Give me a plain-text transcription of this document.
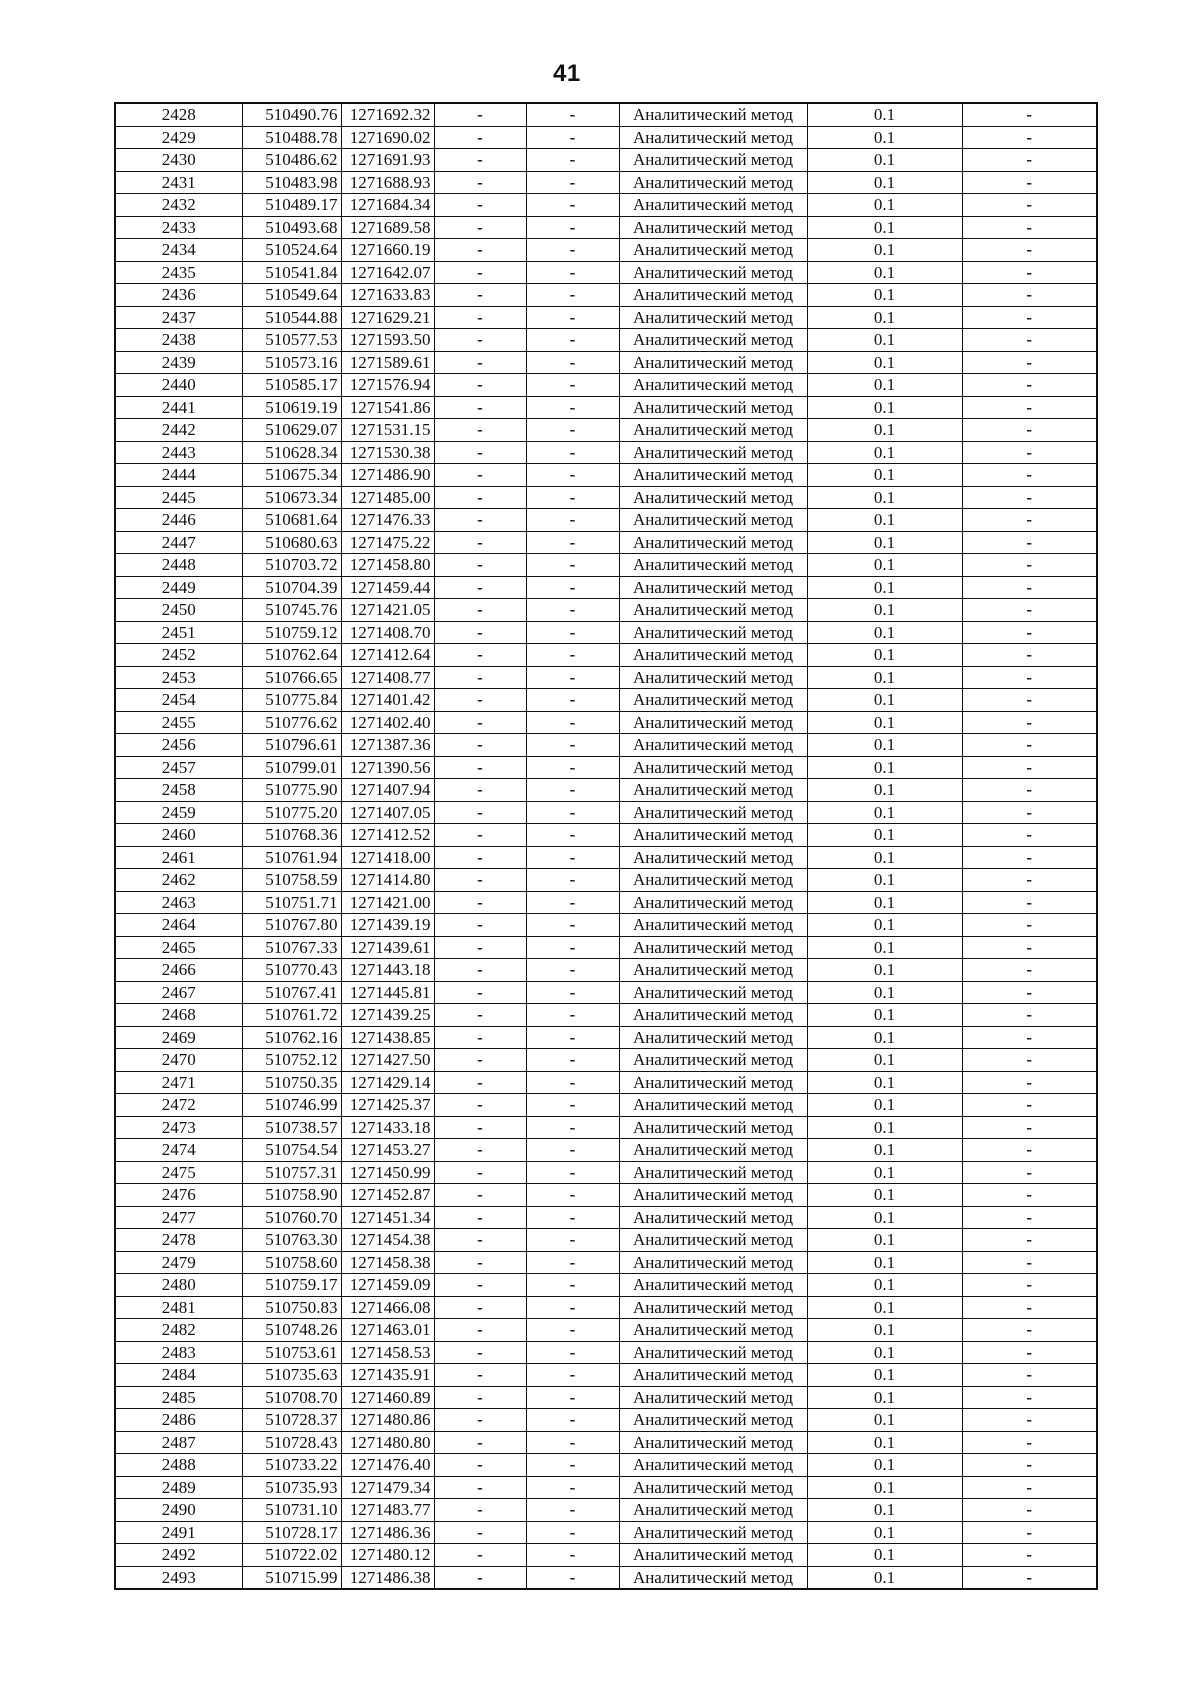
41
2428	510490.76	1271692.32	-	-	Аналитический метод	0.1	-
2429	510488.78	1271690.02	-	-	Аналитический метод	0.1	-
2430	510486.62	1271691.93	-	-	Аналитический метод	0.1	-
2431	510483.98	1271688.93	-	-	Аналитический метод	0.1	-
2432	510489.17	1271684.34	-	-	Аналитический метод	0.1	-
2433	510493.68	1271689.58	-	-	Аналитический метод	0.1	-
2434	510524.64	1271660.19	-	-	Аналитический метод	0.1	-
2435	510541.84	1271642.07	-	-	Аналитический метод	0.1	-
2436	510549.64	1271633.83	-	-	Аналитический метод	0.1	-
2437	510544.88	1271629.21	-	-	Аналитический метод	0.1	-
2438	510577.53	1271593.50	-	-	Аналитический метод	0.1	-
2439	510573.16	1271589.61	-	-	Аналитический метод	0.1	-
2440	510585.17	1271576.94	-	-	Аналитический метод	0.1	-
2441	510619.19	1271541.86	-	-	Аналитический метод	0.1	-
2442	510629.07	1271531.15	-	-	Аналитический метод	0.1	-
2443	510628.34	1271530.38	-	-	Аналитический метод	0.1	-
2444	510675.34	1271486.90	-	-	Аналитический метод	0.1	-
2445	510673.34	1271485.00	-	-	Аналитический метод	0.1	-
2446	510681.64	1271476.33	-	-	Аналитический метод	0.1	-
2447	510680.63	1271475.22	-	-	Аналитический метод	0.1	-
2448	510703.72	1271458.80	-	-	Аналитический метод	0.1	-
2449	510704.39	1271459.44	-	-	Аналитический метод	0.1	-
2450	510745.76	1271421.05	-	-	Аналитический метод	0.1	-
2451	510759.12	1271408.70	-	-	Аналитический метод	0.1	-
2452	510762.64	1271412.64	-	-	Аналитический метод	0.1	-
2453	510766.65	1271408.77	-	-	Аналитический метод	0.1	-
2454	510775.84	1271401.42	-	-	Аналитический метод	0.1	-
2455	510776.62	1271402.40	-	-	Аналитический метод	0.1	-
2456	510796.61	1271387.36	-	-	Аналитический метод	0.1	-
2457	510799.01	1271390.56	-	-	Аналитический метод	0.1	-
2458	510775.90	1271407.94	-	-	Аналитический метод	0.1	-
2459	510775.20	1271407.05	-	-	Аналитический метод	0.1	-
2460	510768.36	1271412.52	-	-	Аналитический метод	0.1	-
2461	510761.94	1271418.00	-	-	Аналитический метод	0.1	-
2462	510758.59	1271414.80	-	-	Аналитический метод	0.1	-
2463	510751.71	1271421.00	-	-	Аналитический метод	0.1	-
2464	510767.80	1271439.19	-	-	Аналитический метод	0.1	-
2465	510767.33	1271439.61	-	-	Аналитический метод	0.1	-
2466	510770.43	1271443.18	-	-	Аналитический метод	0.1	-
2467	510767.41	1271445.81	-	-	Аналитический метод	0.1	-
2468	510761.72	1271439.25	-	-	Аналитический метод	0.1	-
2469	510762.16	1271438.85	-	-	Аналитический метод	0.1	-
2470	510752.12	1271427.50	-	-	Аналитический метод	0.1	-
2471	510750.35	1271429.14	-	-	Аналитический метод	0.1	-
2472	510746.99	1271425.37	-	-	Аналитический метод	0.1	-
2473	510738.57	1271433.18	-	-	Аналитический метод	0.1	-
2474	510754.54	1271453.27	-	-	Аналитический метод	0.1	-
2475	510757.31	1271450.99	-	-	Аналитический метод	0.1	-
2476	510758.90	1271452.87	-	-	Аналитический метод	0.1	-
2477	510760.70	1271451.34	-	-	Аналитический метод	0.1	-
2478	510763.30	1271454.38	-	-	Аналитический метод	0.1	-
2479	510758.60	1271458.38	-	-	Аналитический метод	0.1	-
2480	510759.17	1271459.09	-	-	Аналитический метод	0.1	-
2481	510750.83	1271466.08	-	-	Аналитический метод	0.1	-
2482	510748.26	1271463.01	-	-	Аналитический метод	0.1	-
2483	510753.61	1271458.53	-	-	Аналитический метод	0.1	-
2484	510735.63	1271435.91	-	-	Аналитический метод	0.1	-
2485	510708.70	1271460.89	-	-	Аналитический метод	0.1	-
2486	510728.37	1271480.86	-	-	Аналитический метод	0.1	-
2487	510728.43	1271480.80	-	-	Аналитический метод	0.1	-
2488	510733.22	1271476.40	-	-	Аналитический метод	0.1	-
2489	510735.93	1271479.34	-	-	Аналитический метод	0.1	-
2490	510731.10	1271483.77	-	-	Аналитический метод	0.1	-
2491	510728.17	1271486.36	-	-	Аналитический метод	0.1	-
2492	510722.02	1271480.12	-	-	Аналитический метод	0.1	-
2493	510715.99	1271486.38	-	-	Аналитический метод	0.1	-
